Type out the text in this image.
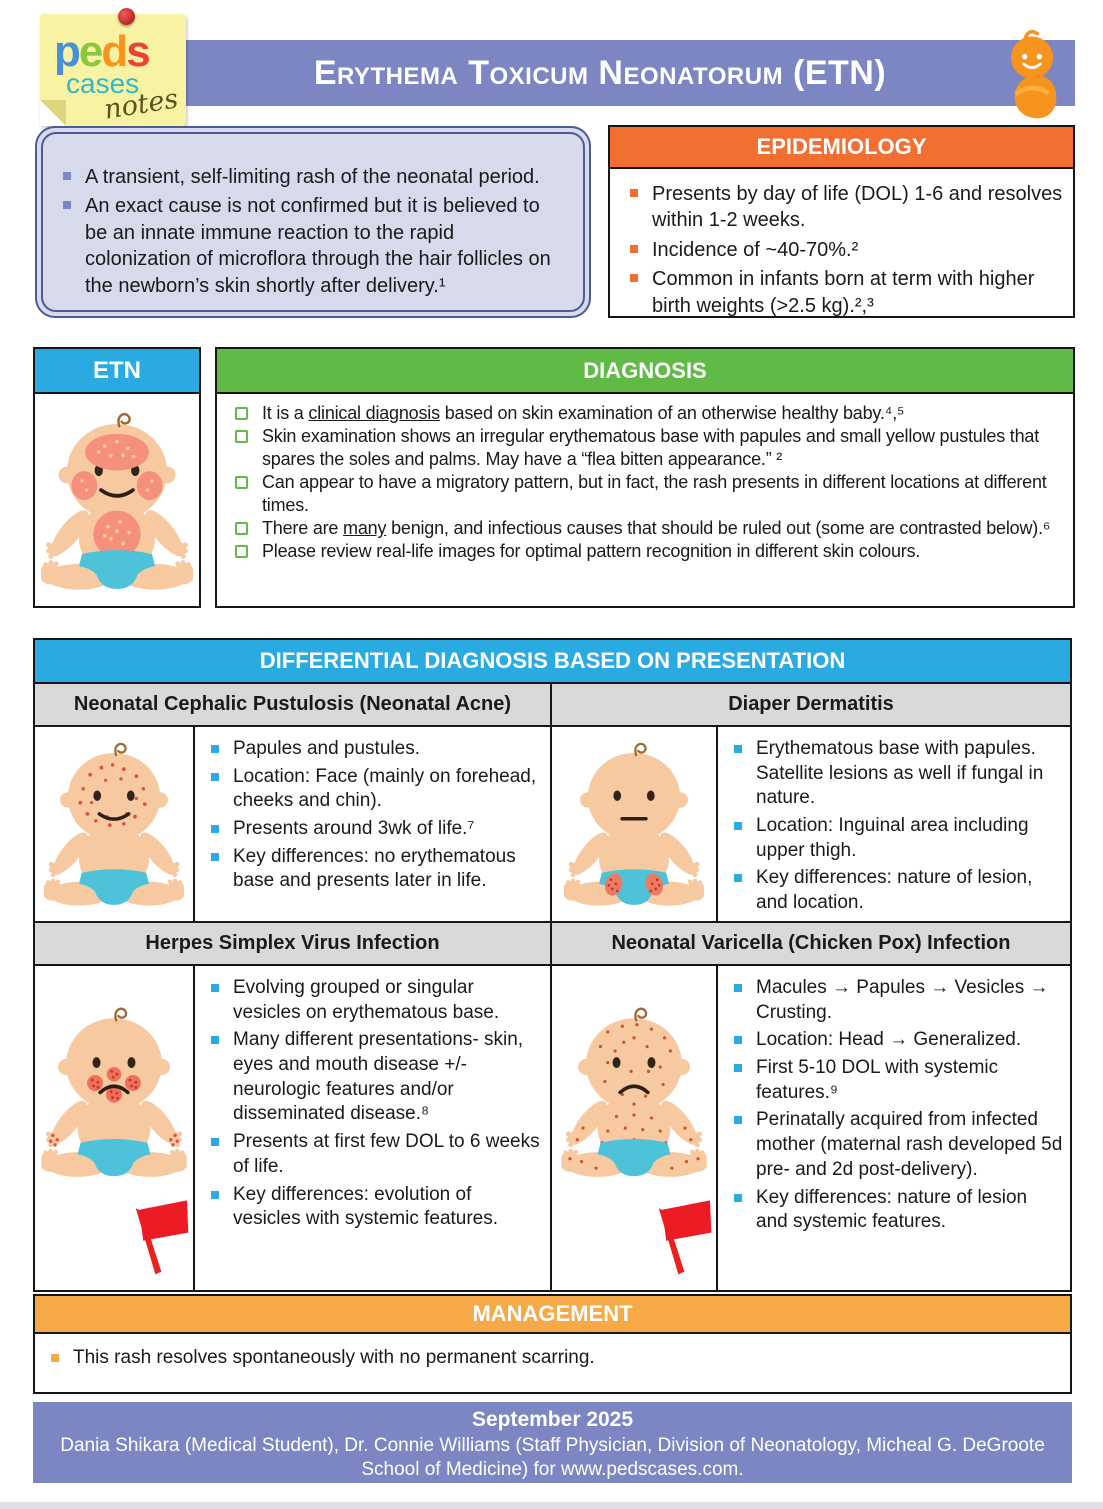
Erythema Toxicum Neonatorum (ETN)
peds
cases
notes
A transient, self-limiting rash of the neonatal period.
An exact cause is not confirmed but it is believed to be an innate immune reaction to the rapid colonization of microflora through the hair follicles on the newborn’s skin shortly after delivery.¹
EPIDEMIOLOGY
Presents by day of life (DOL) 1-6 and resolves within 1-2 weeks.
Incidence of ~40-70%.²
Common in infants born at term with higher birth weights (>2.5 kg).²,³
ETN	DIAGNOSIS
It is a clinical diagnosis based on skin examination of an otherwise healthy baby.⁴,⁵
Skin examination shows an irregular erythematous base with papules and small yellow pustules that spares the soles and palms. May have a “flea bitten appearance.” ²
Can appear to have a migratory pattern, but in fact, the rash presents in different locations at different times.
There are many benign, and infectious causes that should be ruled out (some are contrasted below).⁶
Please review real-life images for optimal pattern recognition in different skin colours.
DIFFERENTIAL DIAGNOSIS BASED ON PRESENTATION
Neonatal Cephalic Pustulosis (Neonatal Acne)	Diaper Dermatitis
Papules and pustules.
Location: Face (mainly on forehead, cheeks and chin).
Presents around 3wk of life.⁷
Key differences: no erythematous base and presents later in life.
Erythematous base with papules. Satellite lesions as well if fungal in nature.
Location: Inguinal area including upper thigh.
Key differences: nature of lesion, and location.
Herpes Simplex Virus Infection	Neonatal Varicella (Chicken Pox) Infection
Evolving grouped or singular vesicles on erythematous base.
Many different presentations- skin, eyes and mouth disease +/- neurologic features and/or disseminated disease.⁸
Presents at first few DOL to 6 weeks of life.
Key differences: evolution of vesicles with systemic features.
Macules → Papules → Vesicles → Crusting.
Location: Head → Generalized.
First 5-10 DOL with systemic features.⁹
Perinatally acquired from infected mother (maternal rash developed 5d pre- and 2d post-delivery).
Key differences: nature of lesion and systemic features.
MANAGEMENT
This rash resolves spontaneously with no permanent scarring.
September 2025
Dania Shikara (Medical Student), Dr. Connie Williams (Staff Physician, Division of Neonatology, Micheal G. DeGroote School of Medicine) for www.pedscases.com.
